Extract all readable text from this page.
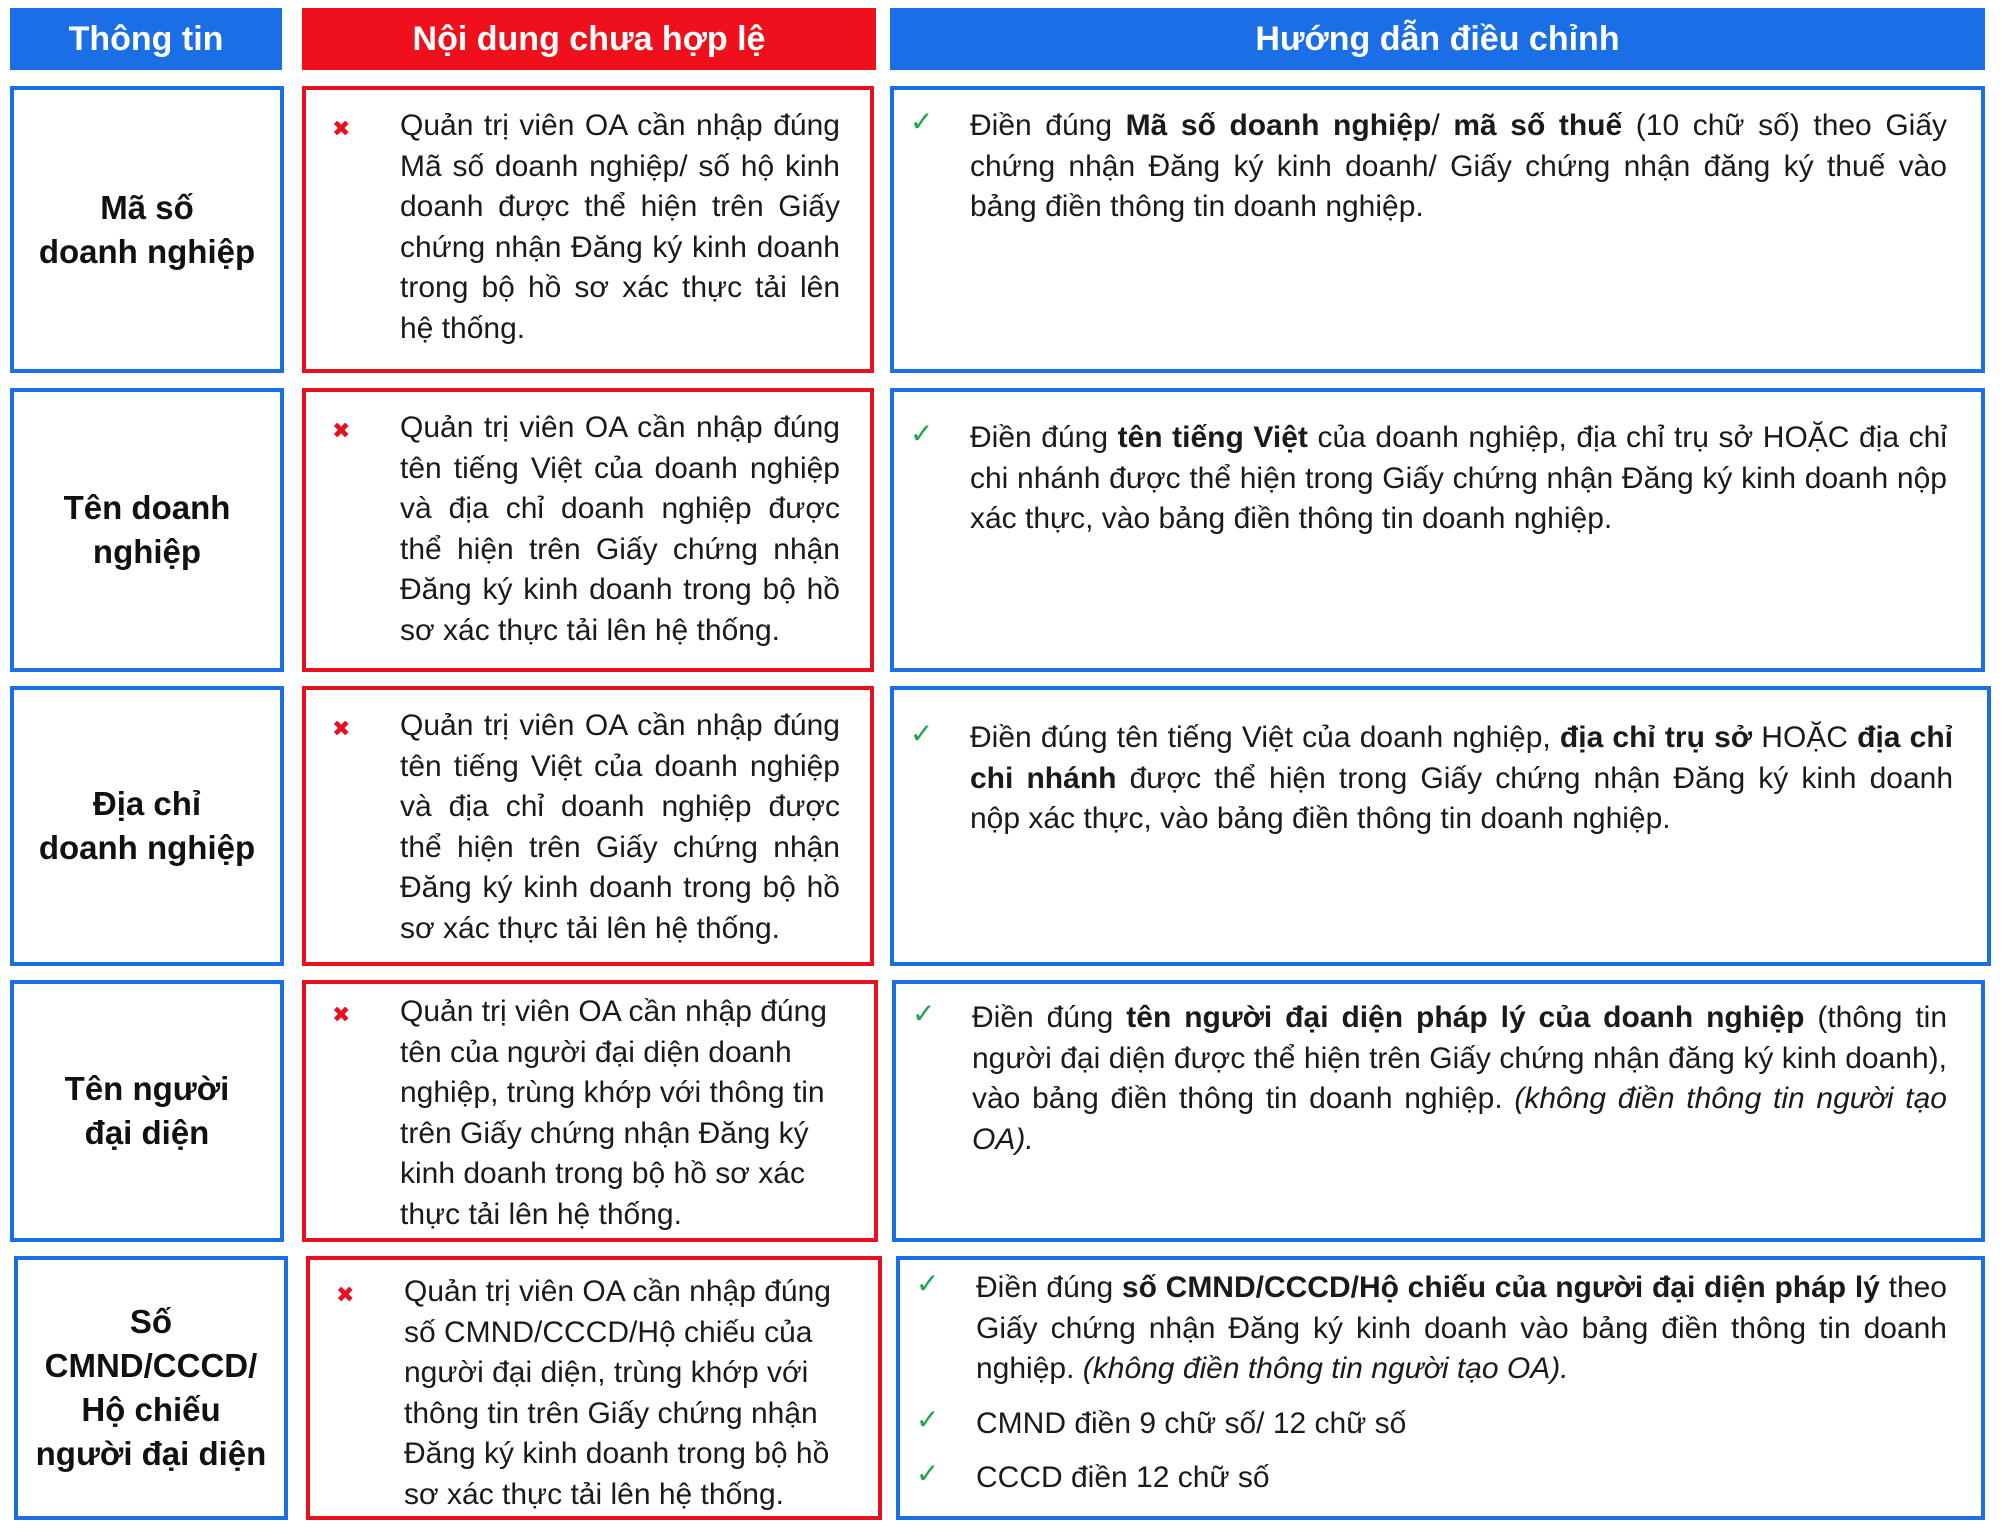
Thông tin	Nội dung chưa hợp lệ	Hướng dẫn điều chỉnh
Mã số
doanh nghiệp
✖ Quản trị viên OA cần nhập đúng Mã số doanh nghiệp/ số hộ kinh doanh được thể hiện trên Giấy chứng nhận Đăng ký kinh doanh trong bộ hồ sơ xác thực tải lên hệ thống.
✓ Điền đúng Mã số doanh nghiệp/ mã số thuế (10 chữ số) theo Giấy chứng nhận Đăng ký kinh doanh/ Giấy chứng nhận đăng ký thuế vào bảng điền thông tin doanh nghiệp.
Tên doanh
nghiệp
✖ Quản trị viên OA cần nhập đúng tên tiếng Việt của doanh nghiệp và địa chỉ doanh nghiệp được thể hiện trên Giấy chứng nhận Đăng ký kinh doanh trong bộ hồ sơ xác thực tải lên hệ thống.
✓ Điền đúng tên tiếng Việt của doanh nghiệp, địa chỉ trụ sở HOẶC địa chỉ chi nhánh được thể hiện trong Giấy chứng nhận Đăng ký kinh doanh nộp xác thực, vào bảng điền thông tin doanh nghiệp.
Địa chỉ
doanh nghiệp
✖ Quản trị viên OA cần nhập đúng tên tiếng Việt của doanh nghiệp và địa chỉ doanh nghiệp được thể hiện trên Giấy chứng nhận Đăng ký kinh doanh trong bộ hồ sơ xác thực tải lên hệ thống.
✓ Điền đúng tên tiếng Việt của doanh nghiệp, địa chỉ trụ sở HOẶC địa chỉ chi nhánh được thể hiện trong Giấy chứng nhận Đăng ký kinh doanh nộp xác thực, vào bảng điền thông tin doanh nghiệp.
Tên người
đại diện
✖ Quản trị viên OA cần nhập đúng tên của người đại diện doanh nghiệp, trùng khớp với thông tin trên Giấy chứng nhận Đăng ký kinh doanh trong bộ hồ sơ xác thực tải lên hệ thống.
✓ Điền đúng tên người đại diện pháp lý của doanh nghiệp (thông tin người đại diện được thể hiện trên Giấy chứng nhận đăng ký kinh doanh), vào bảng điền thông tin doanh nghiệp. (không điền thông tin người tạo OA).
Số
CMND/CCCD/
Hộ chiếu
người đại diện
✖ Quản trị viên OA cần nhập đúng số CMND/CCCD/Hộ chiếu của người đại diện, trùng khớp với thông tin trên Giấy chứng nhận Đăng ký kinh doanh trong bộ hồ sơ xác thực tải lên hệ thống.
✓ Điền đúng số CMND/CCCD/Hộ chiếu của người đại diện pháp lý theo Giấy chứng nhận Đăng ký kinh doanh vào bảng điền thông tin doanh nghiệp. (không điền thông tin người tạo OA).
✓ CMND điền 9 chữ số/ 12 chữ số
✓ CCCD điền 12 chữ số
